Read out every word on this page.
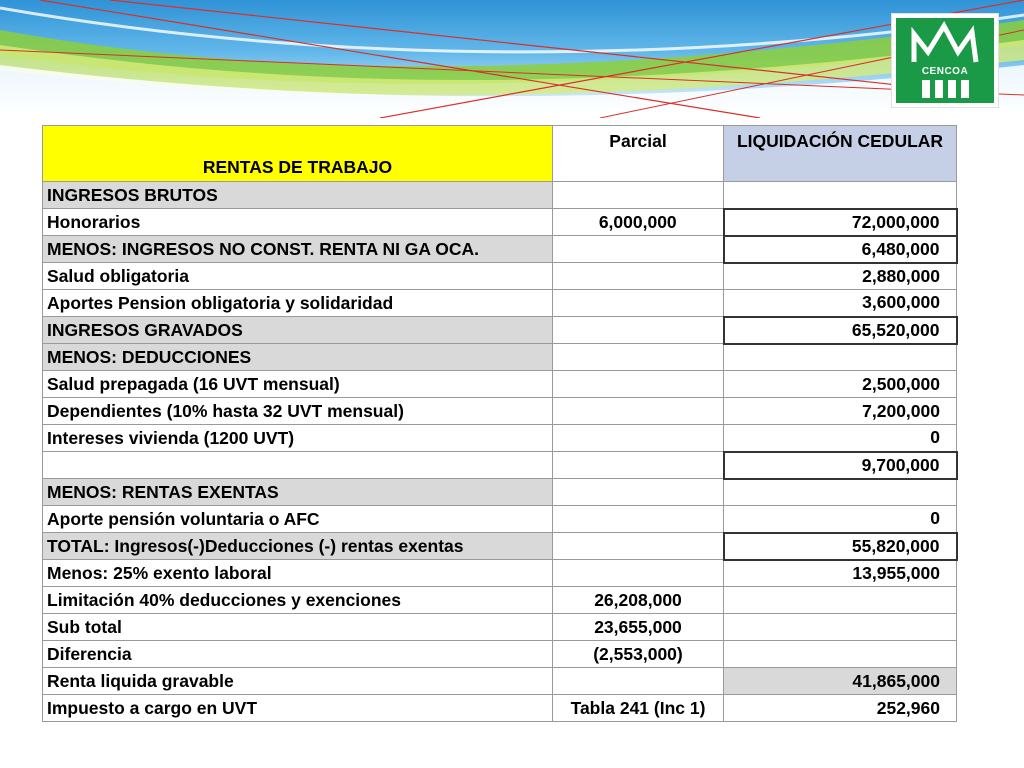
CENCOA
RENTAS DE TRABAJO	Parcial	LIQUIDACIÓN CEDULAR
INGRESOS BRUTOS		
Honorarios	6,000,000	72,000,000
MENOS: INGRESOS NO CONST. RENTA NI GA OCA.		6,480,000
Salud obligatoria		2,880,000
Aportes Pension obligatoria y solidaridad		3,600,000
INGRESOS GRAVADOS		65,520,000
MENOS: DEDUCCIONES		
Salud prepagada (16 UVT mensual)		2,500,000
Dependientes (10% hasta 32 UVT mensual)		7,200,000
Intereses vivienda (1200 UVT)		0
		9,700,000
MENOS: RENTAS EXENTAS		
Aporte pensión voluntaria o AFC		0
TOTAL: Ingresos(-)Deducciones (-) rentas exentas		55,820,000
Menos: 25% exento laboral		13,955,000
Limitación 40% deducciones y exenciones	26,208,000	
Sub total	23,655,000	
Diferencia	(2,553,000)	
Renta liquida gravable		41,865,000
Impuesto a cargo en UVT	Tabla 241 (Inc 1)	252,960
